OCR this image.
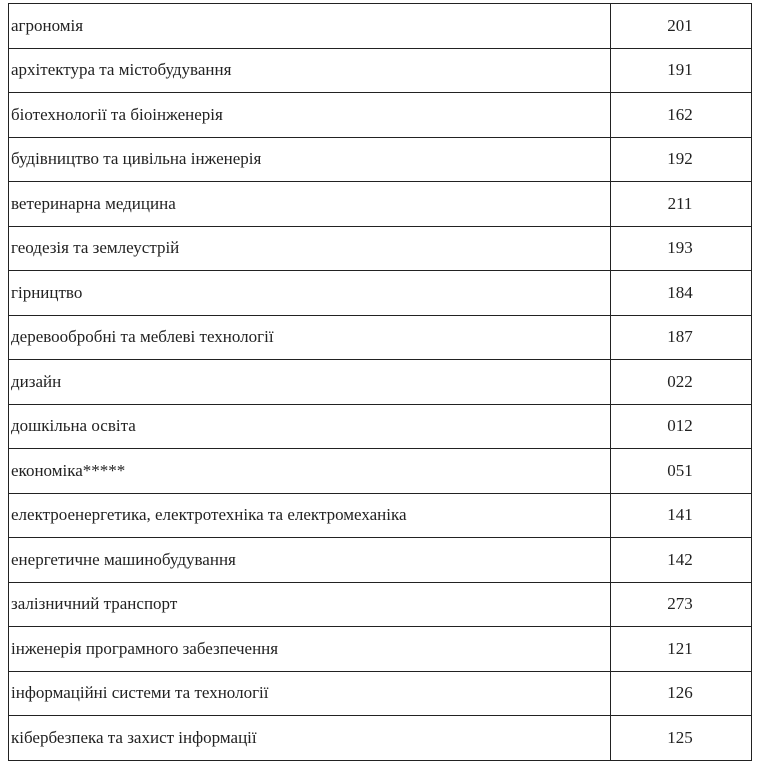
агрономія	201
архітектура та містобудування	191
біотехнології та біоінженерія	162
будівництво та цивільна інженерія	192
ветеринарна медицина	211
геодезія та землеустрій	193
гірництво	184
деревообробні та меблеві технології	187
дизайн	022
дошкільна освіта	012
економіка*****	051
електроенергетика, електротехніка та електромеханіка	141
енергетичне машинобудування	142
залізничний транспорт	273
інженерія програмного забезпечення	121
інформаційні системи та технології	126
кібербезпека та захист інформації	125
